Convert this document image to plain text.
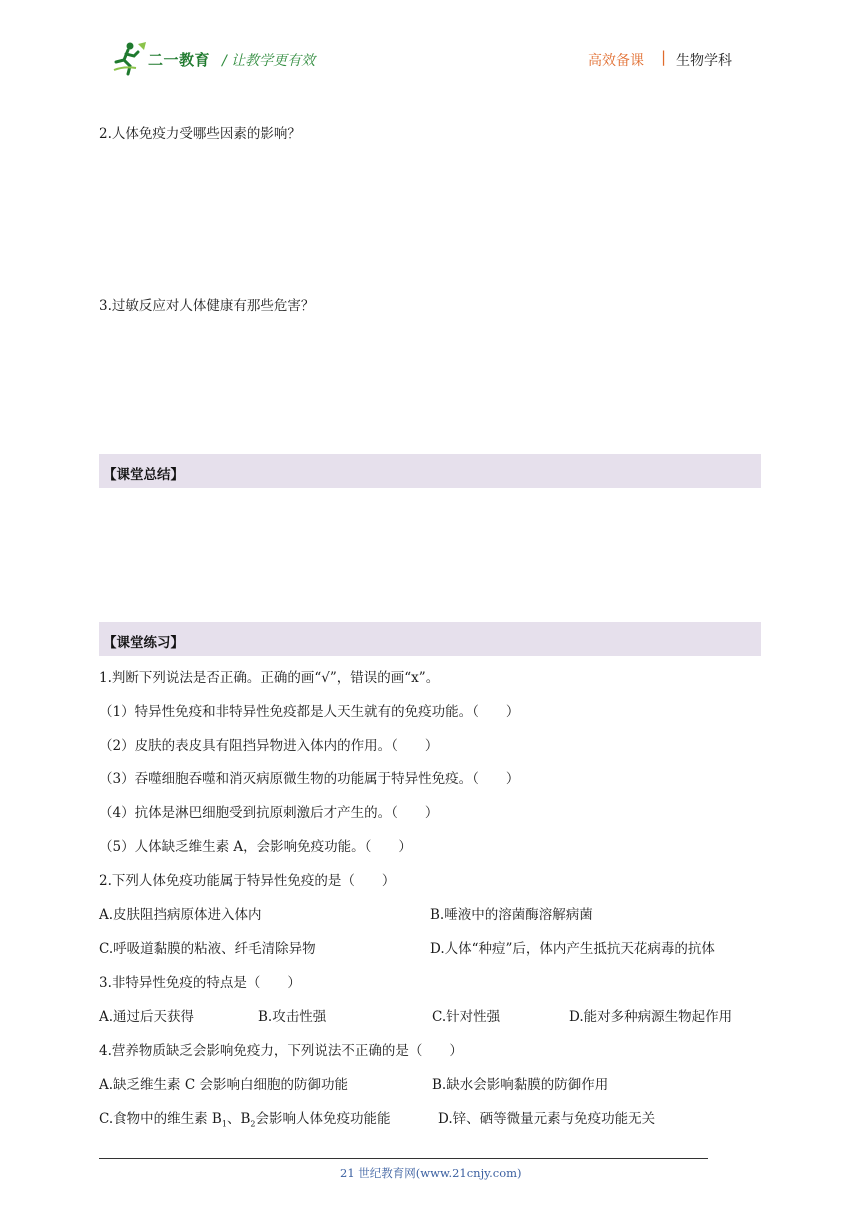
二一教育 / 让教学更有效	高效备课 | 生物学科
2.人体免疫力受哪些因素的影响？
3.过敏反应对人体健康有那些危害？
【课堂总结】
【课堂练习】
1.判断下列说法是否正确。正确的画“√”，错误的画“x”。
（1）特异性免疫和非特异性免疫都是人天生就有的免疫功能。（　　）
（2）皮肤的表皮具有阻挡异物进入体内的作用。（　　）
（3）吞噬细胞吞噬和消灭病原微生物的功能属于特异性免疫。（　　）
（4）抗体是淋巴细胞受到抗原刺激后才产生的。（　　）
（5）人体缺乏维生素 A，会影响免疫功能。（　　）
2.下列人体免疫功能属于特异性免疫的是（　　）
A.皮肤阻挡病原体进入体内	B.唾液中的溶菌酶溶解病菌
C.呼吸道黏膜的粘液、纤毛清除异物	D.人体“种痘”后，体内产生抵抗天花病毒的抗体
3.非特异性免疫的特点是（　　）
A.通过后天获得	B.攻击性强	C.针对性强	D.能对多种病源生物起作用
4.营养物质缺乏会影响免疫力，下列说法不正确的是（　　）
A.缺乏维生素 C 会影响白细胞的防御功能	B.缺水会影响黏膜的防御作用
C.食物中的维生素 $B_1$、$B_2$会影响人体免疫功能能	D.锌、硒等微量元素与免疫功能无关
21 世纪教育网(www.21cnjy.com)
